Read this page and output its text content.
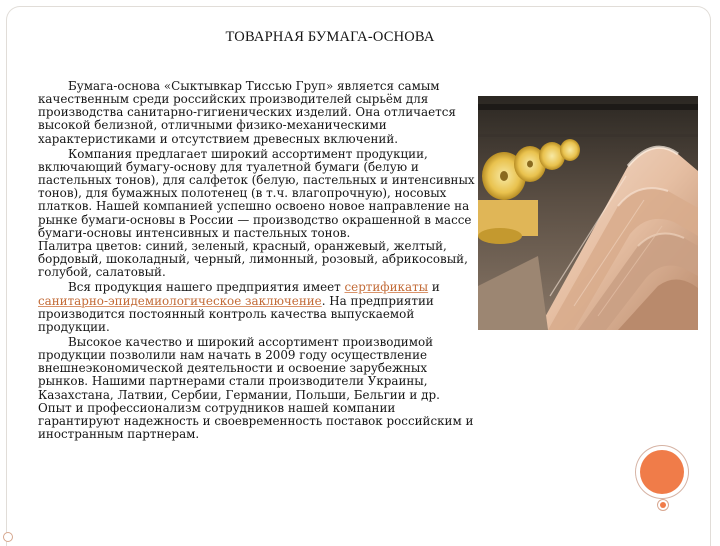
ТОВАРНАЯ БУМАГА-ОСНОВА

Бумага-основа «Сыктывкар Тиссью Груп» является самым качественным среди российских производителей сырьём для производства санитарно-гигиенических изделий. Она отличается высокой белизной, отличными физико-механическими характеристиками и отсутствием древесных включений.

Компания предлагает широкий ассортимент продукции, включающий бумагу-основу для туалетной бумаги (белую и пастельных тонов), для салфеток (белую, пастельных и интенсивных тонов), для бумажных полотенец (в т.ч. влагопрочную), носовых платков. Нашей компанией успешно освоено новое направление на рынке бумаги-основы в России — производство окрашенной в массе бумаги-основы интенсивных и пастельных тонов.

Палитра цветов: синий, зеленый, красный, оранжевый, желтый, бордовый, шоколадный, черный, лимонный, розовый, абрикосовый, голубой, салатовый.

Вся продукция нашего предприятия имеет сертификаты и санитарно-эпидемиологическое заключение. На предприятии производится постоянный контроль качества выпускаемой продукции.

Высокое качество и широкий ассортимент производимой продукции позволили нам начать в 2009 году осуществление внешнеэкономической деятельности и освоение зарубежных рынков. Нашими партнерами стали производители Украины, Казахстана, Латвии, Сербии, Германии, Польши, Бельгии и др. Опыт и профессионализм сотрудников нашей компании гарантируют надежность и своевременность поставок российским и иностранным партнерам.
